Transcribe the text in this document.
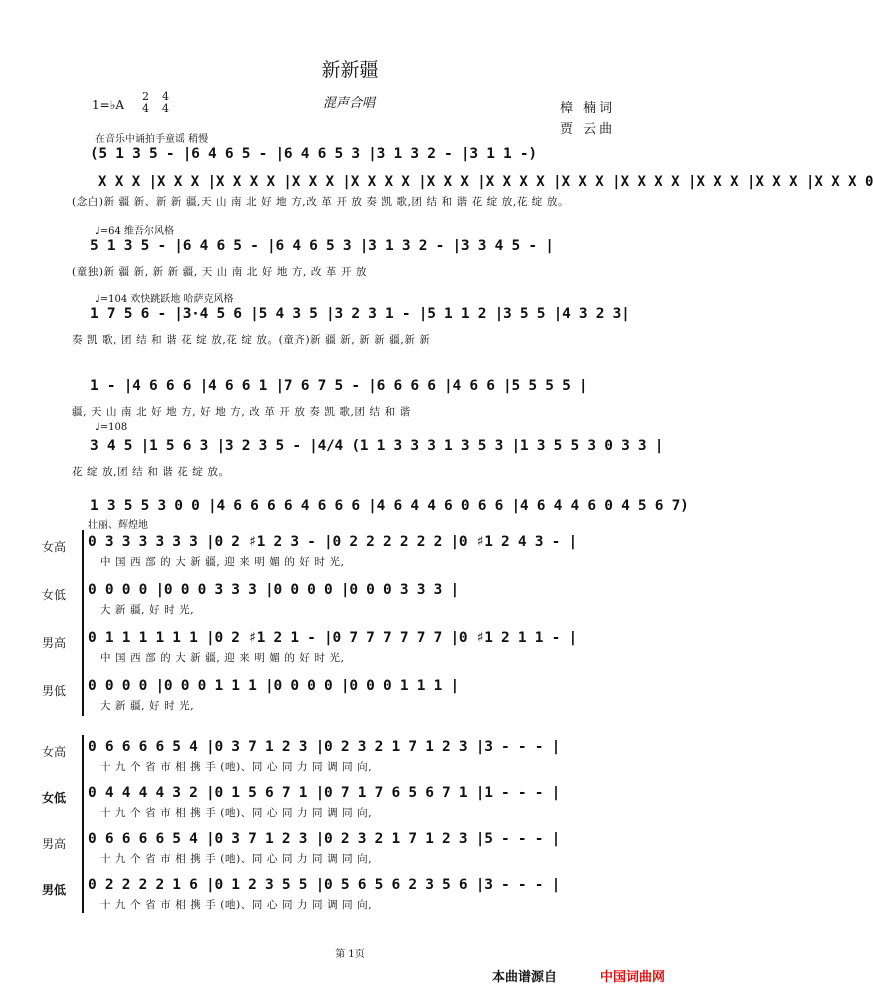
新新疆
混声合唱
1=♭A
2
4
4
4	樟 楠词
贾 云曲
在音乐中诵拍手童谣 稍慢
(5 1 3 5 - |6 4 6 5 - |6 4 6 5 3 |3 1 3 2 - |3 1 1 -)
X X X |X X X |X X X X |X X X |X X X X |X X X |X X X X |X X X |X X X X |X X X |X X X |X X X 0
(念白)新 疆 新、新 新 疆,天 山 南 北 好 地 方,改 革 开 放 奏 凯 歌,团 结 和 谐 花 绽 放,花 绽 放。
♩=64 维吾尔风格
5 1 3 5 - |6 4 6 5 - |6 4 6 5 3 |3 1 3 2 - |3 3 4 5 - |
(童独)新 疆 新, 新 新 疆, 天 山 南 北 好 地 方, 改 革 开 放
♩=104 欢快跳跃地 哈萨克风格
1 7 5 6 - |3·4 5 6 |5 4 3 5 |3 2 3 1 - |5 1 1 2 |3 5 5 |4 3 2 3|
奏 凯 歌, 团 结 和 谐 花 绽 放,花 绽 放。(童齐)新 疆 新, 新 新 疆,新 新
1 - |4 6 6 6 |4 6 6 1 |7 6 7 5 - |6 6 6 6 |4 6 6 |5 5 5 5 |
疆, 天 山 南 北 好 地 方, 好 地 方, 改 革 开 放 奏 凯 歌,团 结 和 谐
♩=108
3 4 5 |1 5 6 3 |3 2 3 5 - |4/4 (1 1 3 3 3 1 3 5 3 |1 3 5 5 3 0 3 3 |
花 绽 放,团 结 和 谐 花 绽 放。
1 3 5 5 3 0 0 |4 6 6 6 6 4 6 6 6 |4 6 4 4 6 0 6 6 |4 6 4 4 6 0 4 5 6 7)
壮丽、辉煌地
女高 0 3 3 3 3 3 3 |0 2 ♯1 2 3 - |0 2 2 2 2 2 2 |0 ♯1 2 4 3 - |
中 国 西 部 的 大 新 疆, 迎 来 明 媚 的 好 时 光,
女低 0 0 0 0 |0 0 0 3 3 3 |0 0 0 0 |0 0 0 3 3 3 |
大 新 疆, 好 时 光,
男高 0 1 1 1 1 1 1 |0 2 ♯1 2 1 - |0 7 7 7 7 7 7 |0 ♯1 2 1 1 - |
中 国 西 部 的 大 新 疆, 迎 来 明 媚 的 好 时 光,
男低 0 0 0 0 |0 0 0 1 1 1 |0 0 0 0 |0 0 0 1 1 1 |
大 新 疆, 好 时 光,
女高 0 6 6 6 6 5 4 |0 3 7 1 2 3 |0 2 3 2 1 7 1 2 3 |3 - - - |
十 九 个 省 市 相 携 手 (吔)、同 心 同 力 同 调 同 向,
女低 0 4 4 4 4 3 2 |0 1 5 6 7 1 |0 7 1 7 6 5 6 7 1 |1 - - - |
十 九 个 省 市 相 携 手 (吔)、同 心 同 力 同 调 同 向,
男高 0 6 6 6 6 5 4 |0 3 7 1 2 3 |0 2 3 2 1 7 1 2 3 |5 - - - |
十 九 个 省 市 相 携 手 (吔)、同 心 同 力 同 调 同 向,
男低 0 2 2 2 2 1 6 |0 1 2 3 5 5 |0 5 6 5 6 2 3 5 6 |3 - - - |
十 九 个 省 市 相 携 手 (吔)、同 心 同 力 同 调 同 向,
第 1页
本曲谱源自	中国词曲网
